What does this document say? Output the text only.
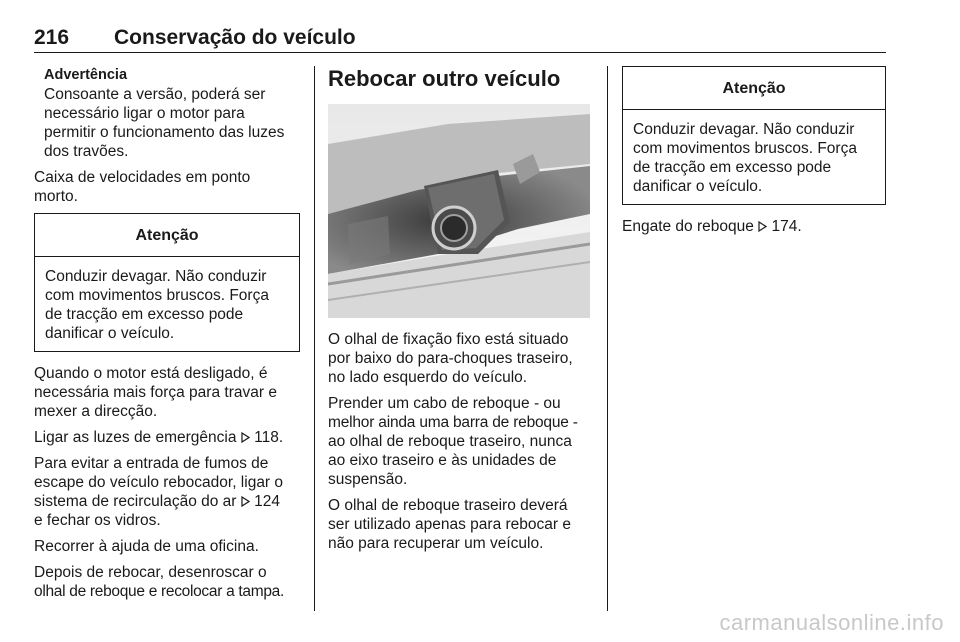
216 Conservação do veículo
Advertência
Consoante a versão, poderá ser
necessário ligar o motor para
permitir o funcionamento das luzes
dos travões.

Caixa de velocidades em ponto
morto.

Atenção
Conduzir devagar. Não conduzir
com movimentos bruscos. Força
de tracção em excesso pode
danificar o veículo.

Quando o motor está desligado, é
necessária mais força para travar e
mexer a direcção.

Ligar as luzes de emergência  118.

Para evitar a entrada de fumos de
escape do veículo rebocador, ligar o
sistema de recirculação do ar  124
e fechar os vidros.

Recorrer à ajuda de uma oficina.

Depois de rebocar, desenroscar o
olhal de reboque e recolocar a tampa.

Rebocar outro veículo

O olhal de fixação fixo está situado
por baixo do para-choques traseiro,
no lado esquerdo do veículo.

Prender um cabo de reboque - ou
melhor ainda uma barra de reboque -
ao olhal de reboque traseiro, nunca
ao eixo traseiro e às unidades de
suspensão.

O olhal de reboque traseiro deverá
ser utilizado apenas para rebocar e
não para recuperar um veículo.

Atenção
Conduzir devagar. Não conduzir
com movimentos bruscos. Força
de tracção em excesso pode
danificar o veículo.

Engate do reboque  174.

carmanualsonline.info
